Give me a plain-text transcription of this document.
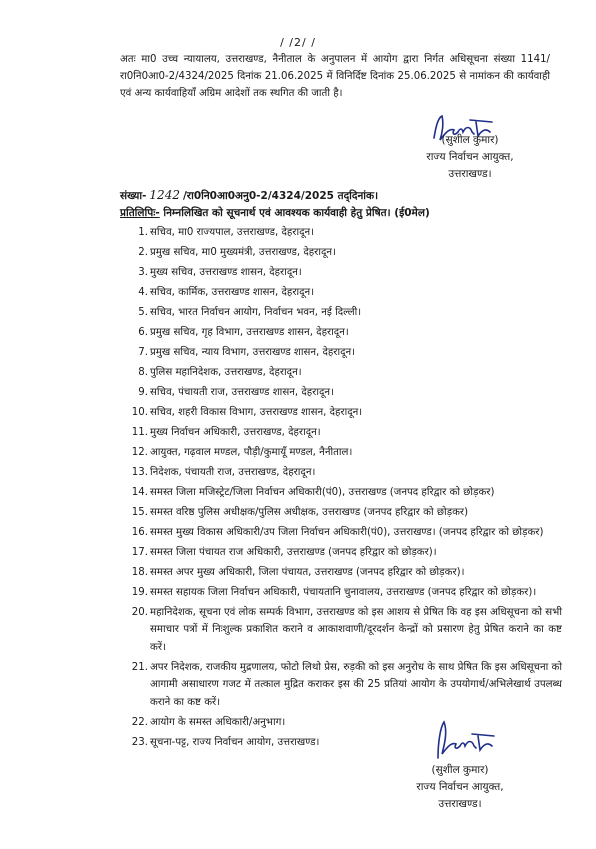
/ /2/ /
अतः मा0 उच्च न्यायालय, उत्तराखण्ड, नैनीताल के अनुपालन में आयोग द्वारा निर्गत अधिसूचना संख्या 1141/रा0नि0आ0-2/4324/2025 दिनांक 21.06.2025 में विनिर्दिष्ट दिनांक 25.06.2025 से नामांकन की कार्यवाही एवं अन्य कार्यवाहियाँ अग्रिम आदेशों तक स्थगित की जाती है।
(सुशील कुमार)
राज्य निर्वाचन आयुक्त,
उत्तराखण्ड।
संख्या- 1242 /रा0नि0आ0अनु0-2/4324/2025 तद्‌दिनांक।
प्रतिलिपिः- निम्नलिखित को सूचनार्थ एवं आवश्यक कार्यवाही हेतु प्रेषित। (ई0मेल)
1. सचिव, मा0 राज्यपाल, उत्तराखण्ड, देहरादून।
2. प्रमुख सचिव, मा0 मुख्यमंत्री, उत्तराखण्ड, देहरादून।
3. मुख्य सचिव, उत्तराखण्ड शासन, देहरादून।
4. सचिव, कार्मिक, उत्तराखण्ड शासन, देहरादून।
5. सचिव, भारत निर्वाचन आयोग, निर्वाचन भवन, नई दिल्ली।
6. प्रमुख सचिव, गृह विभाग, उत्तराखण्ड शासन, देहरादून।
7. प्रमुख सचिव, न्याय विभाग, उत्तराखण्ड शासन, देहरादून।
8. पुलिस महानिदेशक, उत्तराखण्ड, देहरादून।
9. सचिव, पंचायती राज, उत्तराखण्ड शासन, देहरादून।
10. सचिव, शहरी विकास विभाग, उत्तराखण्ड शासन, देहरादून।
11. मुख्य निर्वाचन अधिकारी, उत्तराखण्ड, देहरादून।
12. आयुक्त, गढ़वाल मण्डल, पौड़ी/कुमायूँ मण्डल, नैनीताल।
13. निदेशक, पंचायती राज, उत्तराखण्ड, देहरादून।
14. समस्त जिला मजिस्ट्रेट/जिला निर्वाचन अधिकारी(पं0), उत्तराखण्ड (जनपद हरिद्वार को छोड़कर)
15. समस्त वरिष्ठ पुलिस अधीक्षक/पुलिस अधीक्षक, उत्तराखण्ड (जनपद हरिद्वार को छोड़कर)
16. समस्त मुख्य विकास अधिकारी/उप जिला निर्वाचन अधिकारी(पं0), उत्तराखण्ड। (जनपद हरिद्वार को छोड़कर)
17. समस्त जिला पंचायत राज अधिकारी, उत्तराखण्ड (जनपद हरिद्वार को छोड़कर)।
18. समस्त अपर मुख्य अधिकारी, जिला पंचायत, उत्तराखण्ड (जनपद हरिद्वार को छोड़कर)।
19. समस्त सहायक जिला निर्वाचन अधिकारी, पंचायतानि चुनावालय, उत्तराखण्ड (जनपद हरिद्वार को छोड़कर)।
20. महानिदेशक, सूचना एवं लोक सम्पर्क विभाग, उत्तराखण्ड को इस आशय से प्रेषित कि वह इस अधिसूचना को सभी समाचार पत्रों में निःशुल्क प्रकाशित कराने व आकाशवाणी/दूरदर्शन केन्द्रों को प्रसारण हेतु प्रेषित कराने का कष्ट करें।
21. अपर निदेशक, राजकीय मुद्रणालय, फोटो लिथो प्रेस, रुड़की को इस अनुरोध के साथ प्रेषित कि इस अधिसूचना को आगामी असाधारण गजट में तत्काल मुद्रित कराकर इस की 25 प्रतियां आयोग के उपयोगार्थ/अभिलेखार्थ उपलब्ध कराने का कष्ट करें।
22. आयोग के समस्त अधिकारी/अनुभाग।
23. सूचना-पट्ट, राज्य निर्वाचन आयोग, उत्तराखण्ड।
(सुशील कुमार)
राज्य निर्वाचन आयुक्त,
उत्तराखण्ड।
